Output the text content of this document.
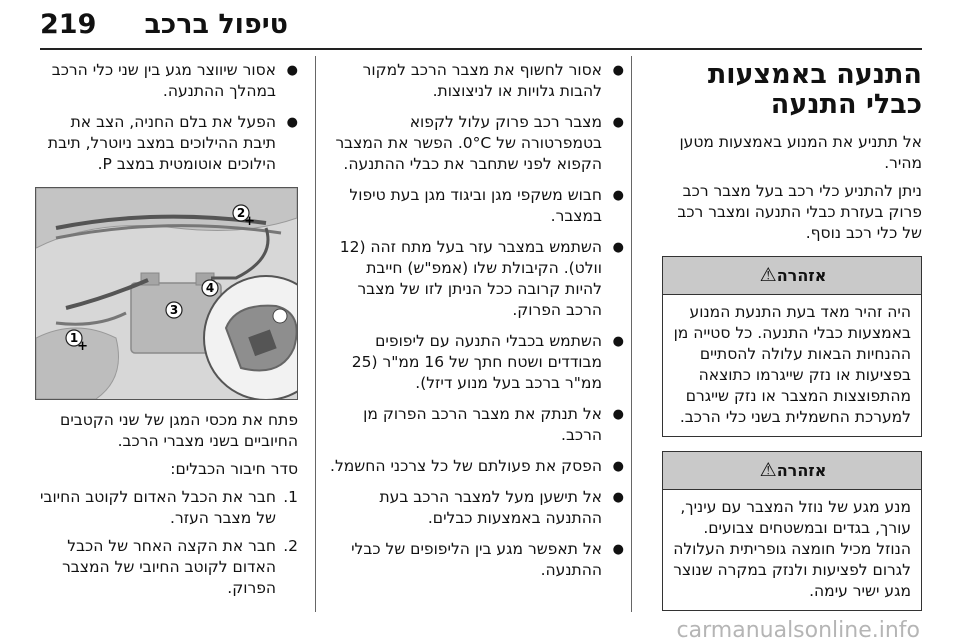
219 טיפול ברכב
התנעה באמצעות כבלי התנעה

אל תתניע את המנוע באמצעות מטען מהיר.

ניתן להתניע כלי רכב בעל מצבר רכב פרוק בעזרת כבלי התנעה ומצבר רכב של כלי רכב נוסף.

אזהרה
⚠
היה זהיר מאד בעת התנעת המנוע באמצעות כבלי התנעה. כל סטייה מן ההנחיות הבאות עלולה להסתיים בפציעות או נזק שייגרמו כתוצאה מהתפוצצות המצבר או נזק שייגרם למערכת החשמלית בשני כלי הרכב.
אזהרה
⚠
מנע מגע של נוזל המצבר עם עיניך, עורך, בגדים ובמשטחים צבועים. הנוזל מכיל חומצה גופריתית העלולה לגרום לפציעות ולנזק במקרה שנוצר מגע ישיר עימה.
● אסור לחשוף את מצבר הרכב למקור להבות גלויות או לניצוצות.
● מצבר רכב פרוק עלול לקפוא בטמפרטורה של ‎0°C‎. הפשר את המצבר הקפוא לפני שתחבר את כבלי ההתנעה.
● חבוש משקפי מגן וביגוד מגן בעת טיפול במצבר.
● השתמש במצבר עזר בעל מתח זהה (12 וולט). הקיבולת שלו (אמפ"ש) חייבת להיות קרובה ככל הניתן לזו של מצבר הרכב הפרוק.
● השתמש בכבלי התנעה עם ליפופים מבודדים ושטח חתך של 16 ממ"ר (25 ממ"ר ברכב בעל מנוע דיזל).
● אל תנתק את מצבר הרכב הפרוק מן הרכב.
● הפסק את פעולתם של כל צרכני החשמל.
● אל תישען מעל למצבר הרכב בעת ההתנעה באמצעות כבלים.
● אל תאפשר מגע בין הליפופים של כבלי ההתנעה.
● אסור שיווצר מגע בין שני כלי הרכב במהלך ההתנעה.
● הפעל את בלם החניה, הצב את תיבת ההילוכים במצב ניוטרל, תיבת הילוכים אוטומטית במצב P.
1
+
2
+
3
4

פתח את מכסי המגן של שני הקטבים החיוביים בשני מצברי הרכב.

סדר חיבור הכבלים:

1.
חבר את הכבל האדום לקוטב החיובי של מצבר העזר.
2.
חבר את הקצה האחר של הכבל האדום לקוטב החיובי של המצבר הפרוק.
carmanualsonline.info
